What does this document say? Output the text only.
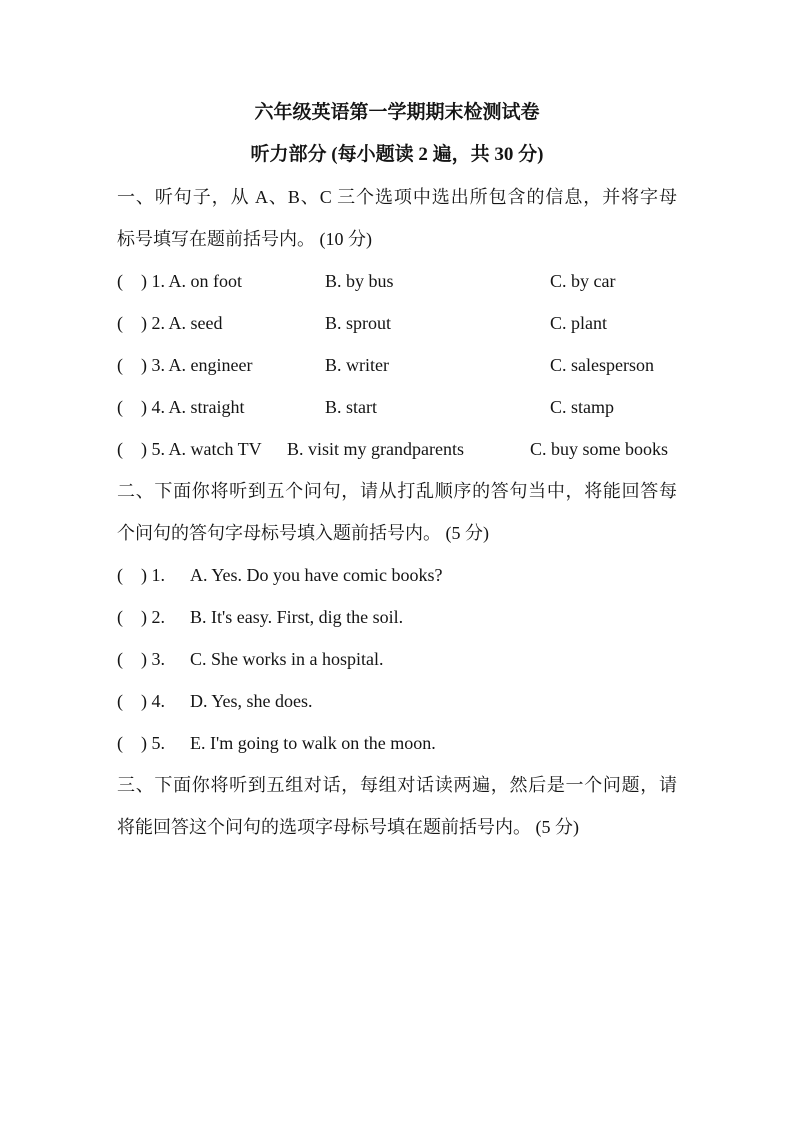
六年级英语第一学期期末检测试卷
听力部分 (每小题读 2 遍，共 30 分)
一、听句子，从 A、B、C 三个选项中选出所包含的信息，并将字母
标号填写在题前括号内。 (10 分)
(    ) 1. A. on foot	B. by bus	C. by car
(    ) 2. A. seed	B. sprout	C. plant
(    ) 3. A. engineer	B. writer	C. salesperson
(    ) 4. A. straight	B. start	C. stamp
(    ) 5. A. watch TV	B. visit my grandparents	C. buy some books
二、下面你将听到五个问句，请从打乱顺序的答句当中，将能回答每
个问句的答句字母标号填入题前括号内。 (5 分)
(    ) 1.	A. Yes. Do you have comic books?
(    ) 2.	B. It's easy. First, dig the soil.
(    ) 3.	C. She works in a hospital.
(    ) 4.	D. Yes, she does.
(    ) 5.	E. I'm going to walk on the moon.
三、下面你将听到五组对话，每组对话读两遍，然后是一个问题，请
将能回答这个问句的选项字母标号填在题前括号内。 (5 分)
